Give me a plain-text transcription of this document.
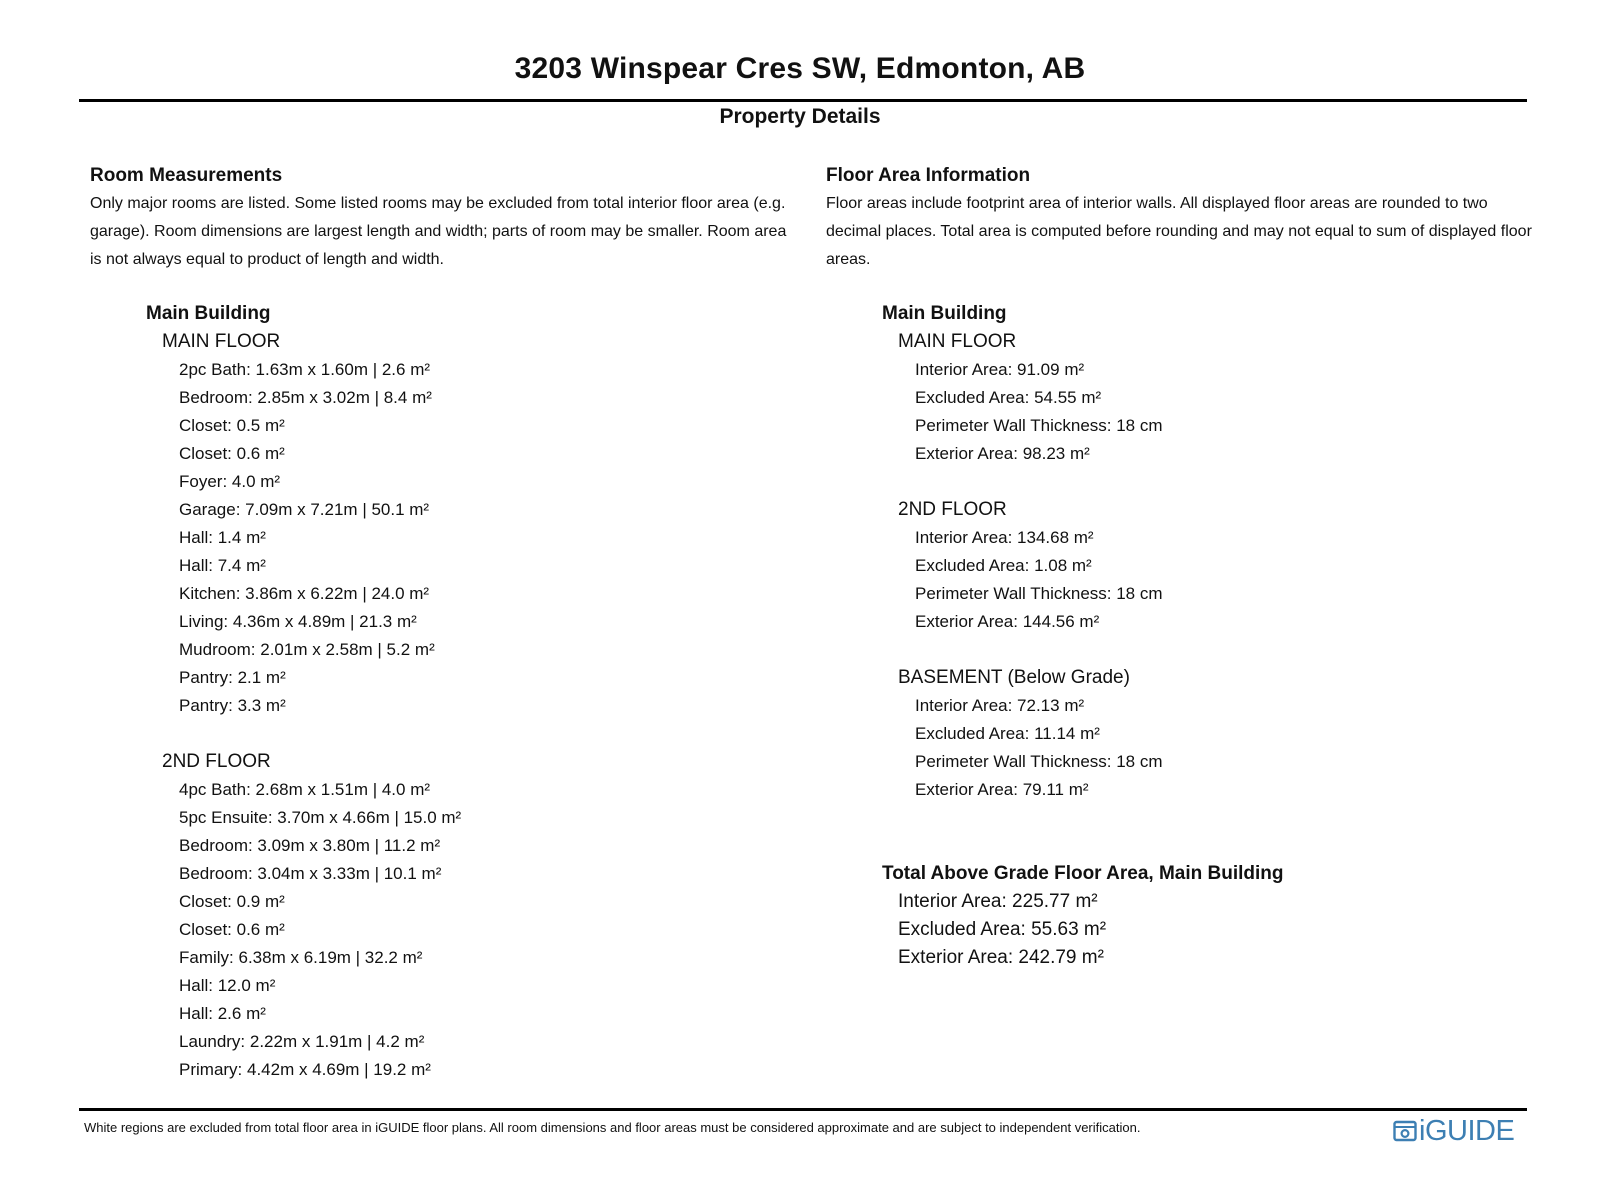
3203 Winspear Cres SW, Edmonton, AB
Property Details
Room Measurements

Only major rooms are listed. Some listed rooms may be excluded from total interior floor area (e.g. garage). Room dimensions are largest length and width; parts of room may be smaller. Room area is not always equal to product of length and width.

Main Building
MAIN FLOOR
2pc Bath: 1.63m x 1.60m | 2.6 m²
Bedroom: 2.85m x 3.02m | 8.4 m²
Closet: 0.5 m²
Closet: 0.6 m²
Foyer: 4.0 m²
Garage: 7.09m x 7.21m | 50.1 m²
Hall: 1.4 m²
Hall: 7.4 m²
Kitchen: 3.86m x 6.22m | 24.0 m²
Living: 4.36m x 4.89m | 21.3 m²
Mudroom: 2.01m x 2.58m | 5.2 m²
Pantry: 2.1 m²
Pantry: 3.3 m²
2ND FLOOR
4pc Bath: 2.68m x 1.51m | 4.0 m²
5pc Ensuite: 3.70m x 4.66m | 15.0 m²
Bedroom: 3.09m x 3.80m | 11.2 m²
Bedroom: 3.04m x 3.33m | 10.1 m²
Closet: 0.9 m²
Closet: 0.6 m²
Family: 6.38m x 6.19m | 32.2 m²
Hall: 12.0 m²
Hall: 2.6 m²
Laundry: 2.22m x 1.91m | 4.2 m²
Primary: 4.42m x 4.69m | 19.2 m²
Floor Area Information

Floor areas include footprint area of interior walls. All displayed floor areas are rounded to two decimal places. Total area is computed before rounding and may not equal to sum of displayed floor areas.

Main Building
MAIN FLOOR
Interior Area: 91.09 m²
Excluded Area: 54.55 m²
Perimeter Wall Thickness: 18 cm
Exterior Area: 98.23 m²
2ND FLOOR
Interior Area: 134.68 m²
Excluded Area: 1.08 m²
Perimeter Wall Thickness: 18 cm
Exterior Area: 144.56 m²
BASEMENT (Below Grade)
Interior Area: 72.13 m²
Excluded Area: 11.14 m²
Perimeter Wall Thickness: 18 cm
Exterior Area: 79.11 m²
Total Above Grade Floor Area, Main Building
Interior Area: 225.77 m²
Excluded Area: 55.63 m²
Exterior Area: 242.79 m²
White regions are excluded from total floor area in iGUIDE floor plans. All room dimensions and floor areas must be considered approximate and are subject to independent verification.	iGUIDE
